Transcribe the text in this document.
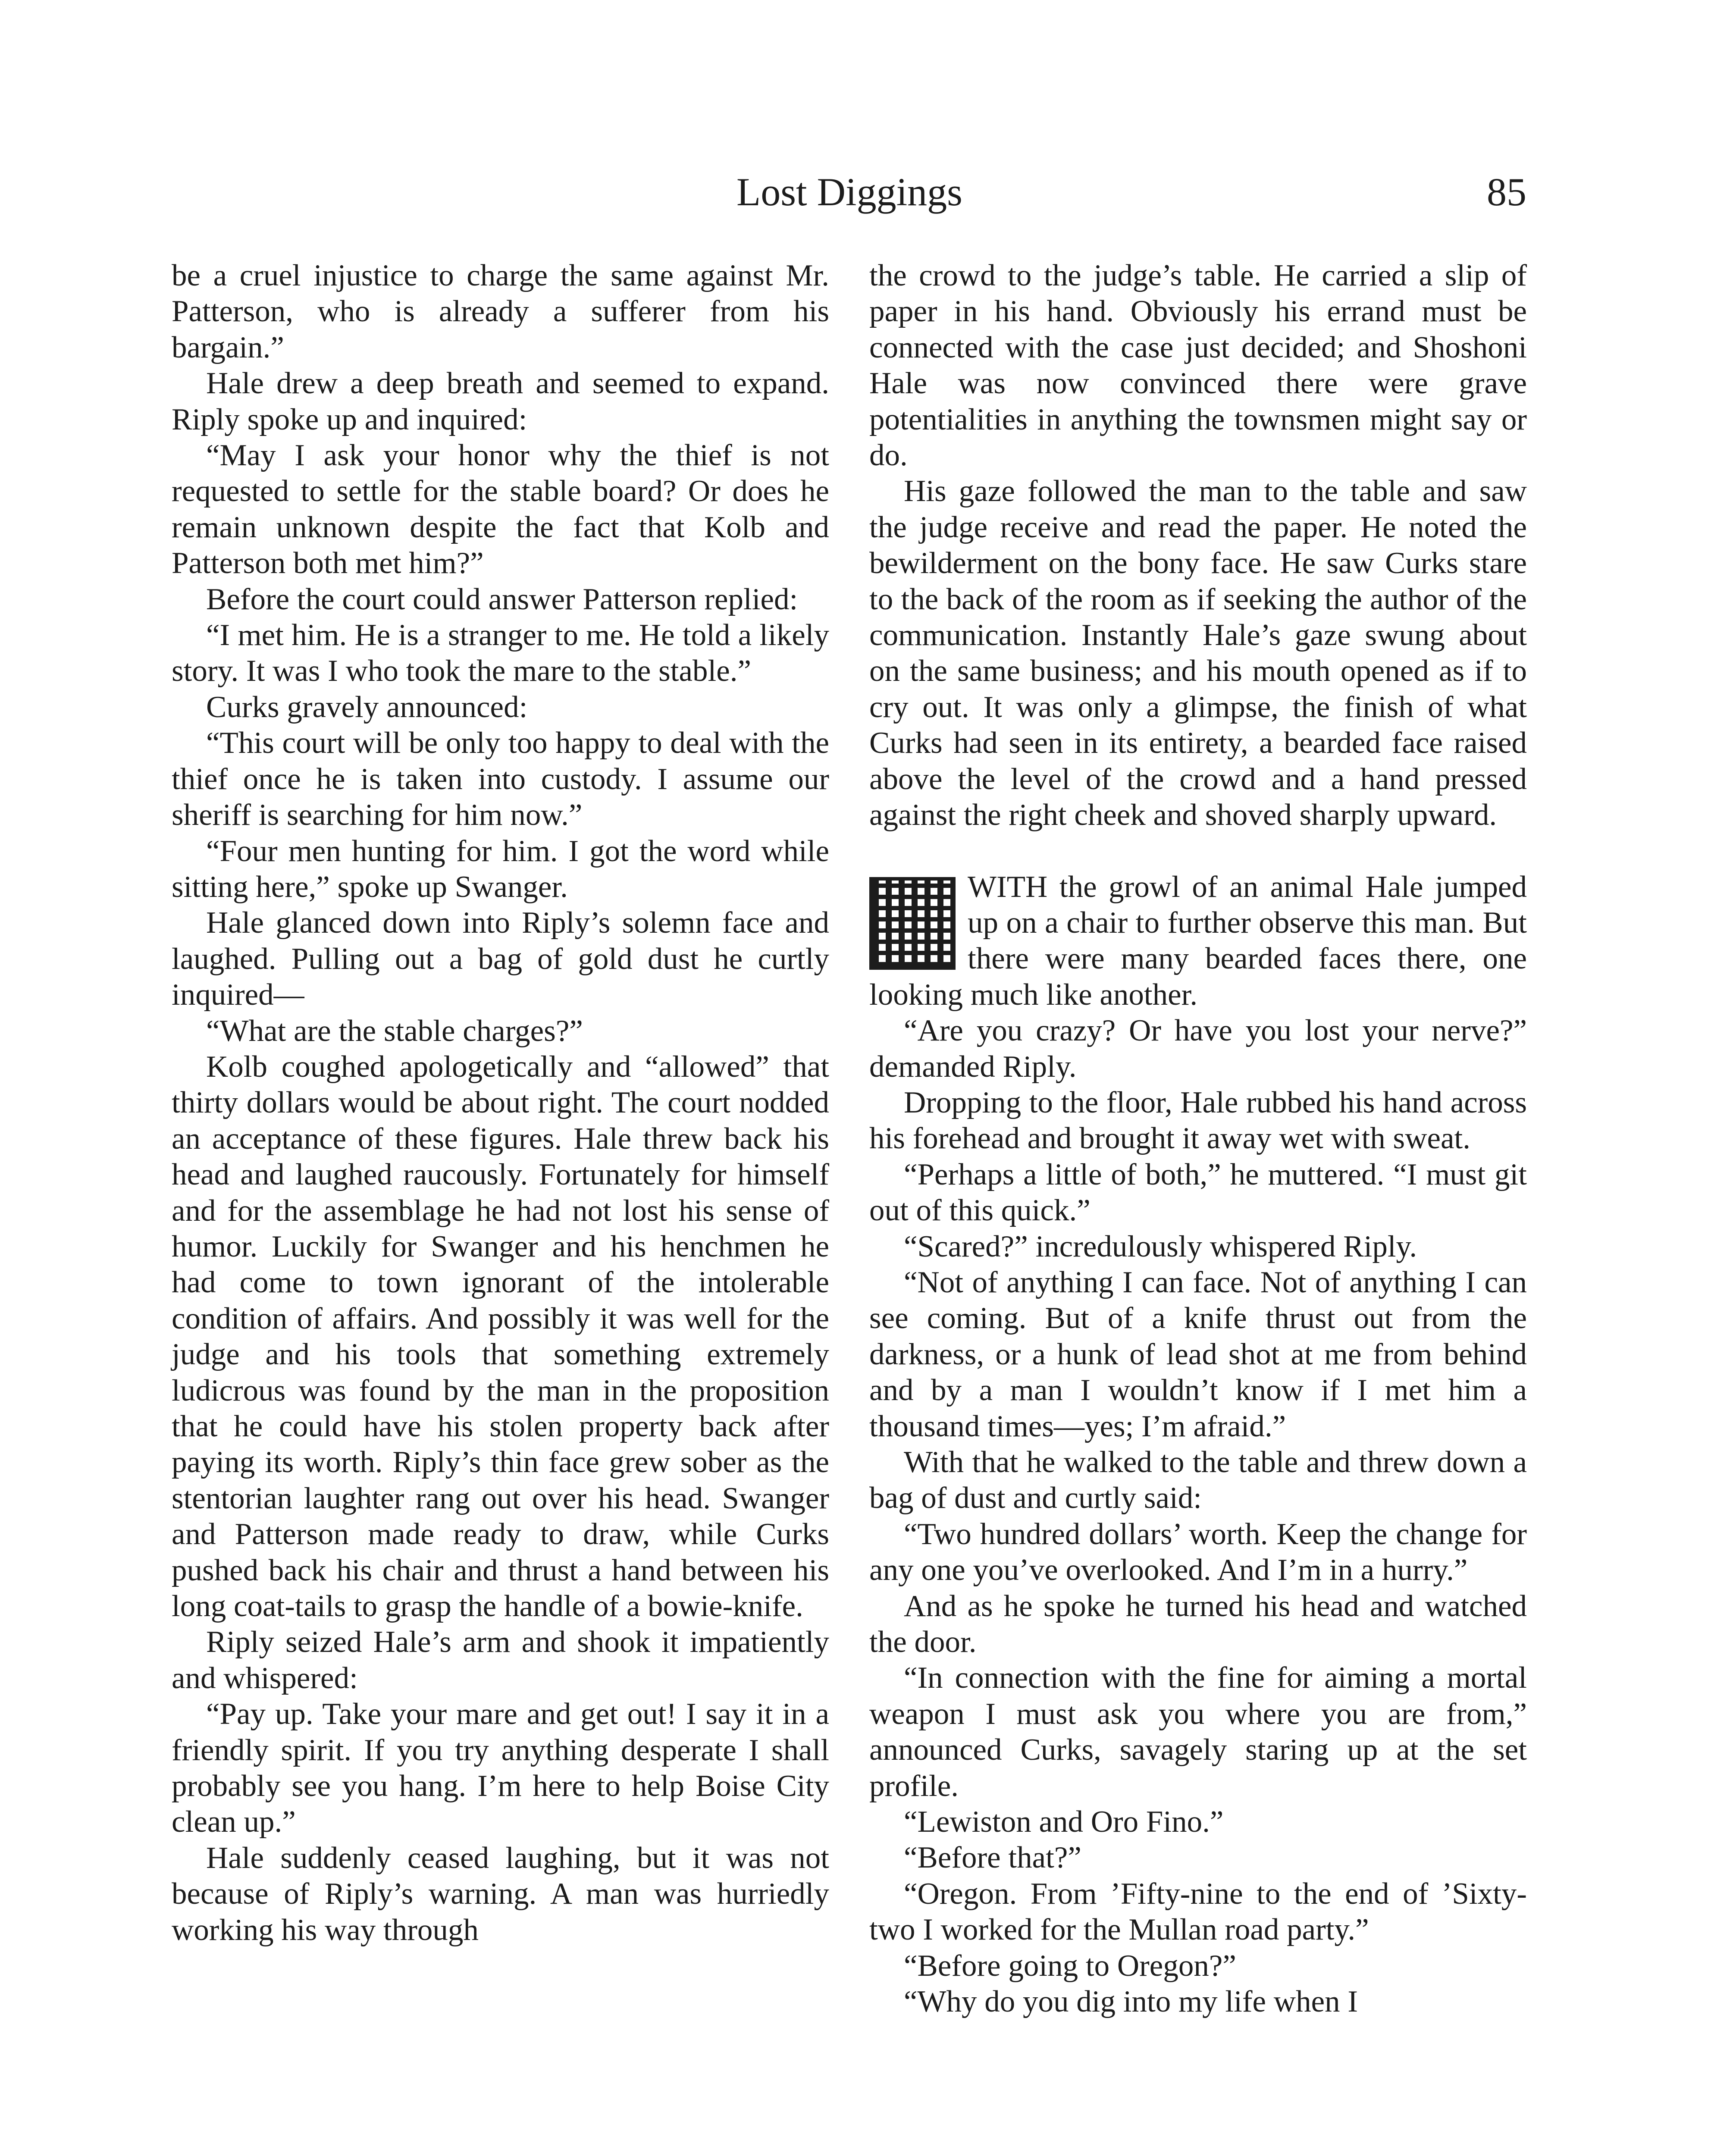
Lost Diggings	85

be a cruel injustice to charge the same against Mr. Patterson, who is already a sufferer from his bargain.”

Hale drew a deep breath and seemed to expand. Riply spoke up and inquired:

“May I ask your honor why the thief is not requested to settle for the stable board? Or does he remain unknown despite the fact that Kolb and Patterson both met him?”

Before the court could answer Patterson replied:

“I met him. He is a stranger to me. He told a likely story. It was I who took the mare to the stable.”

Curks gravely announced:

“This court will be only too happy to deal with the thief once he is taken into custody. I assume our sheriff is searching for him now.”

“Four men hunting for him. I got the word while sitting here,” spoke up Swanger.

Hale glanced down into Riply’s solemn face and laughed. Pulling out a bag of gold dust he curtly inquired—

“What are the stable charges?”

Kolb coughed apologetically and “allowed” that thirty dollars would be about right. The court nodded an acceptance of these figures. Hale threw back his head and laughed raucously. Fortunately for himself and for the assemblage he had not lost his sense of humor. Luckily for Swanger and his henchmen he had come to town ignorant of the intolerable condition of affairs. And possibly it was well for the judge and his tools that something extremely ludicrous was found by the man in the proposition that he could have his stolen property back after paying its worth. Riply’s thin face grew sober as the stentorian laughter rang out over his head. Swanger and Patterson made ready to draw, while Curks pushed back his chair and thrust a hand between his long coat-tails to grasp the handle of a bowie-knife.

Riply seized Hale’s arm and shook it impatiently and whispered:

“Pay up. Take your mare and get out! I say it in a friendly spirit. If you try anything desperate I shall probably see you hang. I’m here to help Boise City clean up.”

Hale suddenly ceased laughing, but it was not because of Riply’s warning. A man was hurriedly working his way through

the crowd to the judge’s table. He carried a slip of paper in his hand. Obviously his errand must be connected with the case just decided; and Shoshoni Hale was now convinced there were grave potentialities in anything the townsmen might say or do.

His gaze followed the man to the table and saw the judge receive and read the paper. He noted the bewilderment on the bony face. He saw Curks stare to the back of the room as if seeking the author of the communication. Instantly Hale’s gaze swung about on the same business; and his mouth opened as if to cry out. It was only a glimpse, the finish of what Curks had seen in its entirety, a bearded face raised above the level of the crowd and a hand pressed against the right cheek and shoved sharply upward.

WITH the growl of an animal Hale jumped up on a chair to further observe this man. But there were many bearded faces there, one looking much like another.

“Are you crazy? Or have you lost your nerve?” demanded Riply.

Dropping to the floor, Hale rubbed his hand across his forehead and brought it away wet with sweat.

“Perhaps a little of both,” he muttered. “I must git out of this quick.”

“Scared?” incredulously whispered Riply.

“Not of anything I can face. Not of anything I can see coming. But of a knife thrust out from the darkness, or a hunk of lead shot at me from behind and by a man I wouldn’t know if I met him a thousand times—yes; I’m afraid.”

With that he walked to the table and threw down a bag of dust and curtly said:

“Two hundred dollars’ worth. Keep the change for any one you’ve overlooked. And I’m in a hurry.”

And as he spoke he turned his head and watched the door.

“In connection with the fine for aiming a mortal weapon I must ask you where you are from,” announced Curks, savagely staring up at the set profile.

“Lewiston and Oro Fino.”

“Before that?”

“Oregon. From ’Fifty-nine to the end of ’Sixty-two I worked for the Mullan road party.”

“Before going to Oregon?”

“Why do you dig into my life when I
